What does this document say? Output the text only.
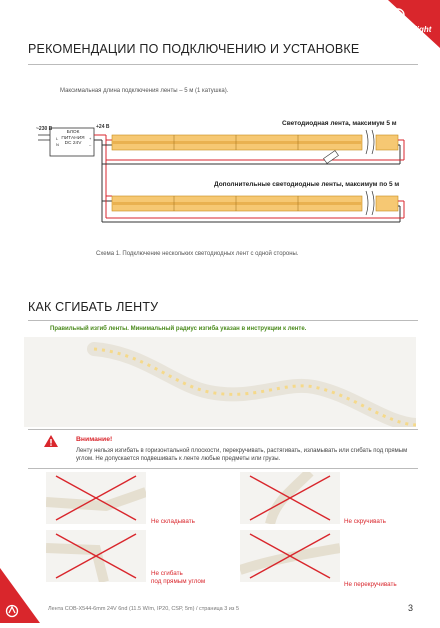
arlight
РЕКОМЕНДАЦИИ ПО ПОДКЛЮЧЕНИЮ И УСТАНОВКЕ
Максимальная длина подключения ленты – 5 м (1 катушка).
~230 В
БЛОК
ПИТАНИЯ
DC 24V
L
N
+
–
+24 В	Светодиодная лента, максимум 5 м
Дополнительные светодиодные ленты, максимум по 5 м
Схема 1. Подключение нескольких светодиодных лент с одной стороны.
КАК СГИБАТЬ ЛЕНТУ
Правильный изгиб ленты. Минимальный радиус изгиба указан в инструкции к ленте.
Внимание!
Ленту нельзя изгибать в горизонтальной плоскости, перекручивать, растягивать, изламывать или сгибать под прямым углом. Не допускается подвешивать к ленте любые предметы или грузы.
Не складывать	Не скручивать
Не сгибать
под прямым углом	Не перекручивать
Лента COB-X544-6mm 24V 6nd (11.5 W/m, IP20, CSP, 5m) / страница 3 из 5	3
